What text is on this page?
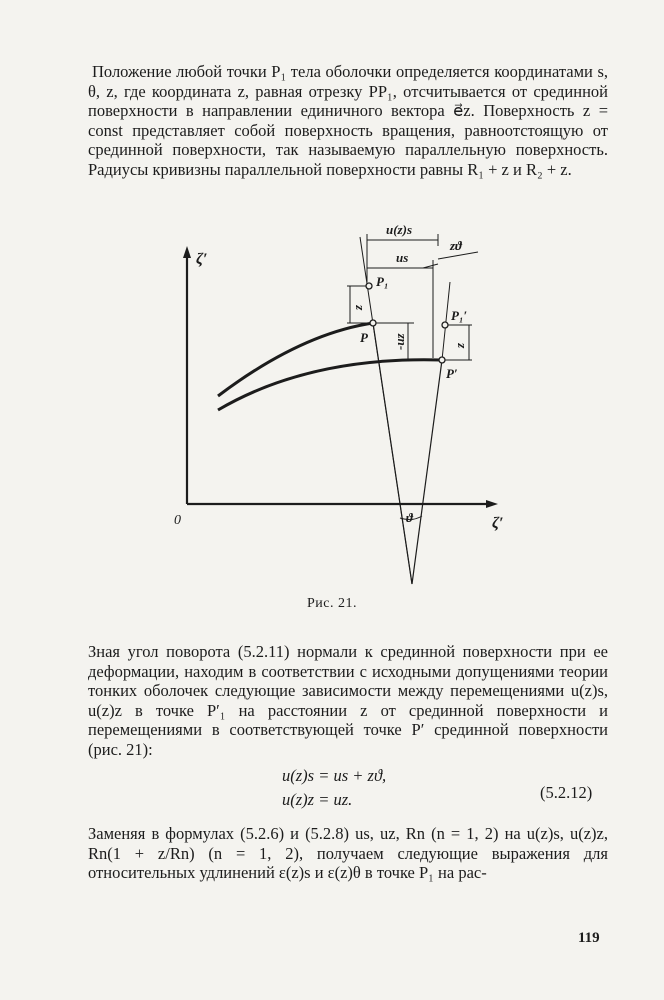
Положение любой точки P₁ тела оболочки определяется координатами s, θ, z, где координата z, равная отрезку PP₁, отсчитывается от срединной поверхности в направлении единичного вектора e⃗z. Поверхность z = const представляет собой поверхность вращения, равноотстоящую от срединной поверхности, так называемую параллельную поверхность. Радиусы кривизны параллельной поверхности равны R₁ + z и R₂ + z.

ζ′
ζ′
0
u(z)s
us
zϑ
P₁
P
P₁′
P′
z
-uz	z
ϑ
Рис. 21.

Зная угол поворота (5.2.11) нормали к срединной поверхности при ее деформации, находим в соответствии с исходными допущениями теории тонких оболочек следующие зависимости между перемещениями u(z)s, u(z)z в точке P′₁ на расстоянии z от срединной поверхности и перемещениями в соответствующей точке P′ срединной поверхности (рис. 21):

u(z)s = us + zϑ,
u(z)z = uz.	(5.2.12)

Заменяя в формулах (5.2.6) и (5.2.8) us, uz, Rn (n = 1, 2) на u(z)s, u(z)z, Rn(1 + z/Rn) (n = 1, 2), получаем следующие выражения для относительных удлинений ε(z)s и ε(z)θ в точке P₁ на рас-

119
